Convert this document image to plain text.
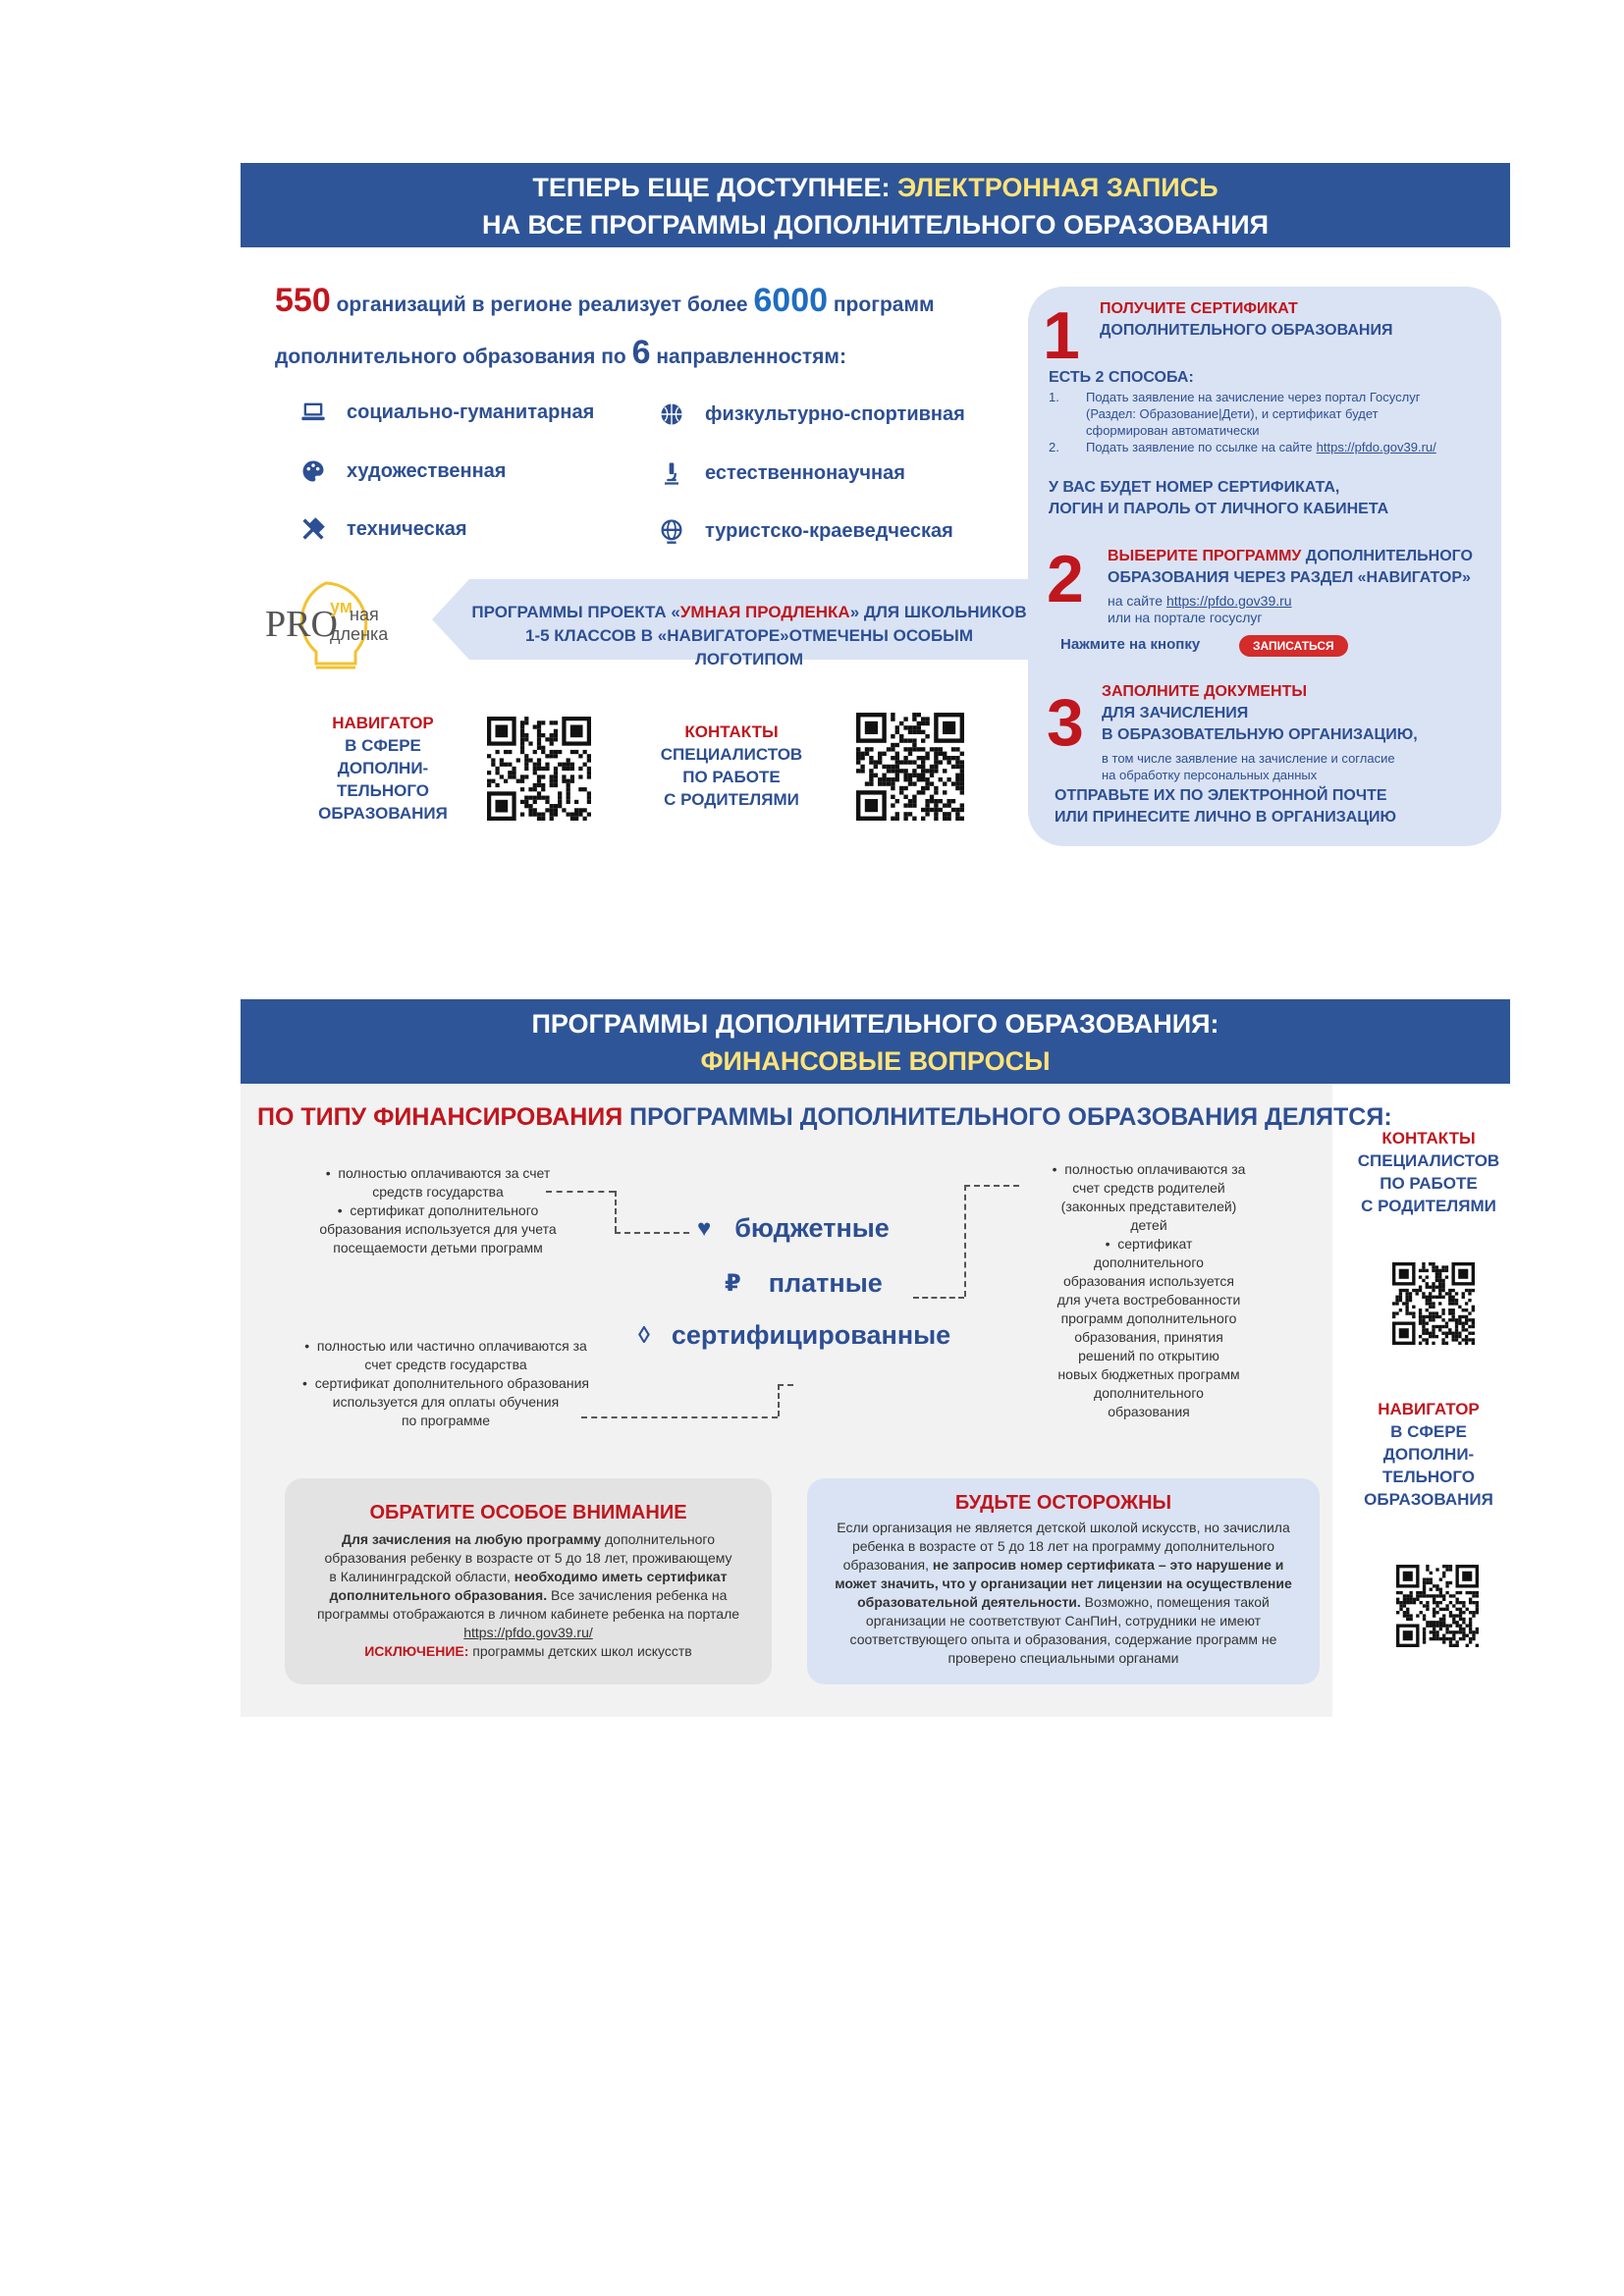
ТЕПЕРЬ ЕЩЕ ДОСТУПНЕЕ: ЭЛЕКТРОННАЯ ЗАПИСЬ
НА ВСЕ ПРОГРАММЫ ДОПОЛНИТЕЛЬНОГО ОБРАЗОВАНИЯ
550 организаций в регионе реализует более 6000 программ
дополнительного образования по 6 направленностям:
социально-гуманитарная	физкультурно-спортивная
художественная	естественнонаучная
техническая	туристско-краеведческая
PRO
ум
ная
дленка
ПРОГРАММЫ ПРОЕКТА «УМНАЯ ПРОДЛЕНКА» ДЛЯ ШКОЛЬНИКОВ
1-5 КЛАССОВ В «НАВИГАТОРЕ»ОТМЕЧЕНЫ ОСОБЫМ ЛОГОТИПОМ
НАВИГАТОР
В СФЕРЕ
ДОПОЛНИ-
ТЕЛЬНОГО
ОБРАЗОВАНИЯ
КОНТАКТЫ
СПЕЦИАЛИСТОВ
ПО РАБОТЕ
С РОДИТЕЛЯМИ
1 ПОЛУЧИТЕ СЕРТИФИКАТ
ДОПОЛНИТЕЛЬНОГО ОБРАЗОВАНИЯ
ЕСТЬ 2 СПОСОБА:
1.	Подать заявление на зачисление через портал Госуслуг
(Раздел: Образование|Дети), и сертификат будет
сформирован автоматически
2.	Подать заявление по ссылке на сайте https://pfdo.gov39.ru/
У ВАС БУДЕТ НОМЕР СЕРТИФИКАТА,
ЛОГИН И ПАРОЛЬ ОТ ЛИЧНОГО КАБИНЕТА
2 ВЫБЕРИТЕ ПРОГРАММУ ДОПОЛНИТЕЛЬНОГО
ОБРАЗОВАНИЯ ЧЕРЕЗ РАЗДЕЛ «НАВИГАТОР»
на сайте https://pfdo.gov39.ru
или на портале госуслуг
Нажмите на кнопку	ЗАПИСАТЬСЯ
3 ЗАПОЛНИТЕ ДОКУМЕНТЫ
ДЛЯ ЗАЧИСЛЕНИЯ
В ОБРАЗОВАТЕЛЬНУЮ ОРГАНИЗАЦИЮ,
в том числе заявление на зачисление и согласие
на обработку персональных данных
ОТПРАВЬТЕ ИХ ПО ЭЛЕКТРОННОЙ ПОЧТЕ
ИЛИ ПРИНЕСИТЕ ЛИЧНО В ОРГАНИЗАЦИЮ
ПРОГРАММЫ ДОПОЛНИТЕЛЬНОГО ОБРАЗОВАНИЯ:
ФИНАНСОВЫЕ ВОПРОСЫ
ПО ТИПУ ФИНАНСИРОВАНИЯ ПРОГРАММЫ ДОПОЛНИТЕЛЬНОГО ОБРАЗОВАНИЯ ДЕЛЯТСЯ:
•  полностью оплачиваются за счет
средств государства
•  сертификат дополнительного
образования используется для учета
посещаемости детьми программ
♥ бюджетные
₽ платные
◊ сертифицированные
•  полностью оплачиваются за
счет средств родителей
(законных представителей)
детей
•  сертификат
дополнительного
образования используется
для учета востребованности
программ дополнительного
образования, принятия
решений по открытию
новых бюджетных программ
дополнительного
образования
•  полностью или частично оплачиваются за
счет средств государства
•  сертификат дополнительного образования
используется для оплаты обучения
по программе
ОБРАТИТЕ ОСОБОЕ ВНИМАНИЕ

Для зачисления на любую программу дополнительного

образования ребенку в возрасте от 5 до 18 лет, проживающему

в Калининградской области, необходимо иметь сертификат

дополнительного образования. Все зачисления ребенка на

программы отображаются в личном кабинете ребенка на портале

https://pfdo.gov39.ru/

ИСКЛЮЧЕНИЕ: программы детских школ искусств

БУДЬТЕ ОСТОРОЖНЫ

Если организация не является детской школой искусств, но зачислила

ребенка в возрасте от 5 до 18 лет на программу дополнительного

образования, не запросив номер сертификата – это нарушение и

может значить, что у организации нет лицензии на осуществление

образовательной деятельности. Возможно, помещения такой

организации не соответствуют СанПиН, сотрудники не имеют

соответствующего опыта и образования, содержание программ не

проверено специальными органами

КОНТАКТЫ
СПЕЦИАЛИСТОВ
ПО РАБОТЕ
С РОДИТЕЛЯМИ
НАВИГАТОР
В СФЕРЕ
ДОПОЛНИ-
ТЕЛЬНОГО
ОБРАЗОВАНИЯ
